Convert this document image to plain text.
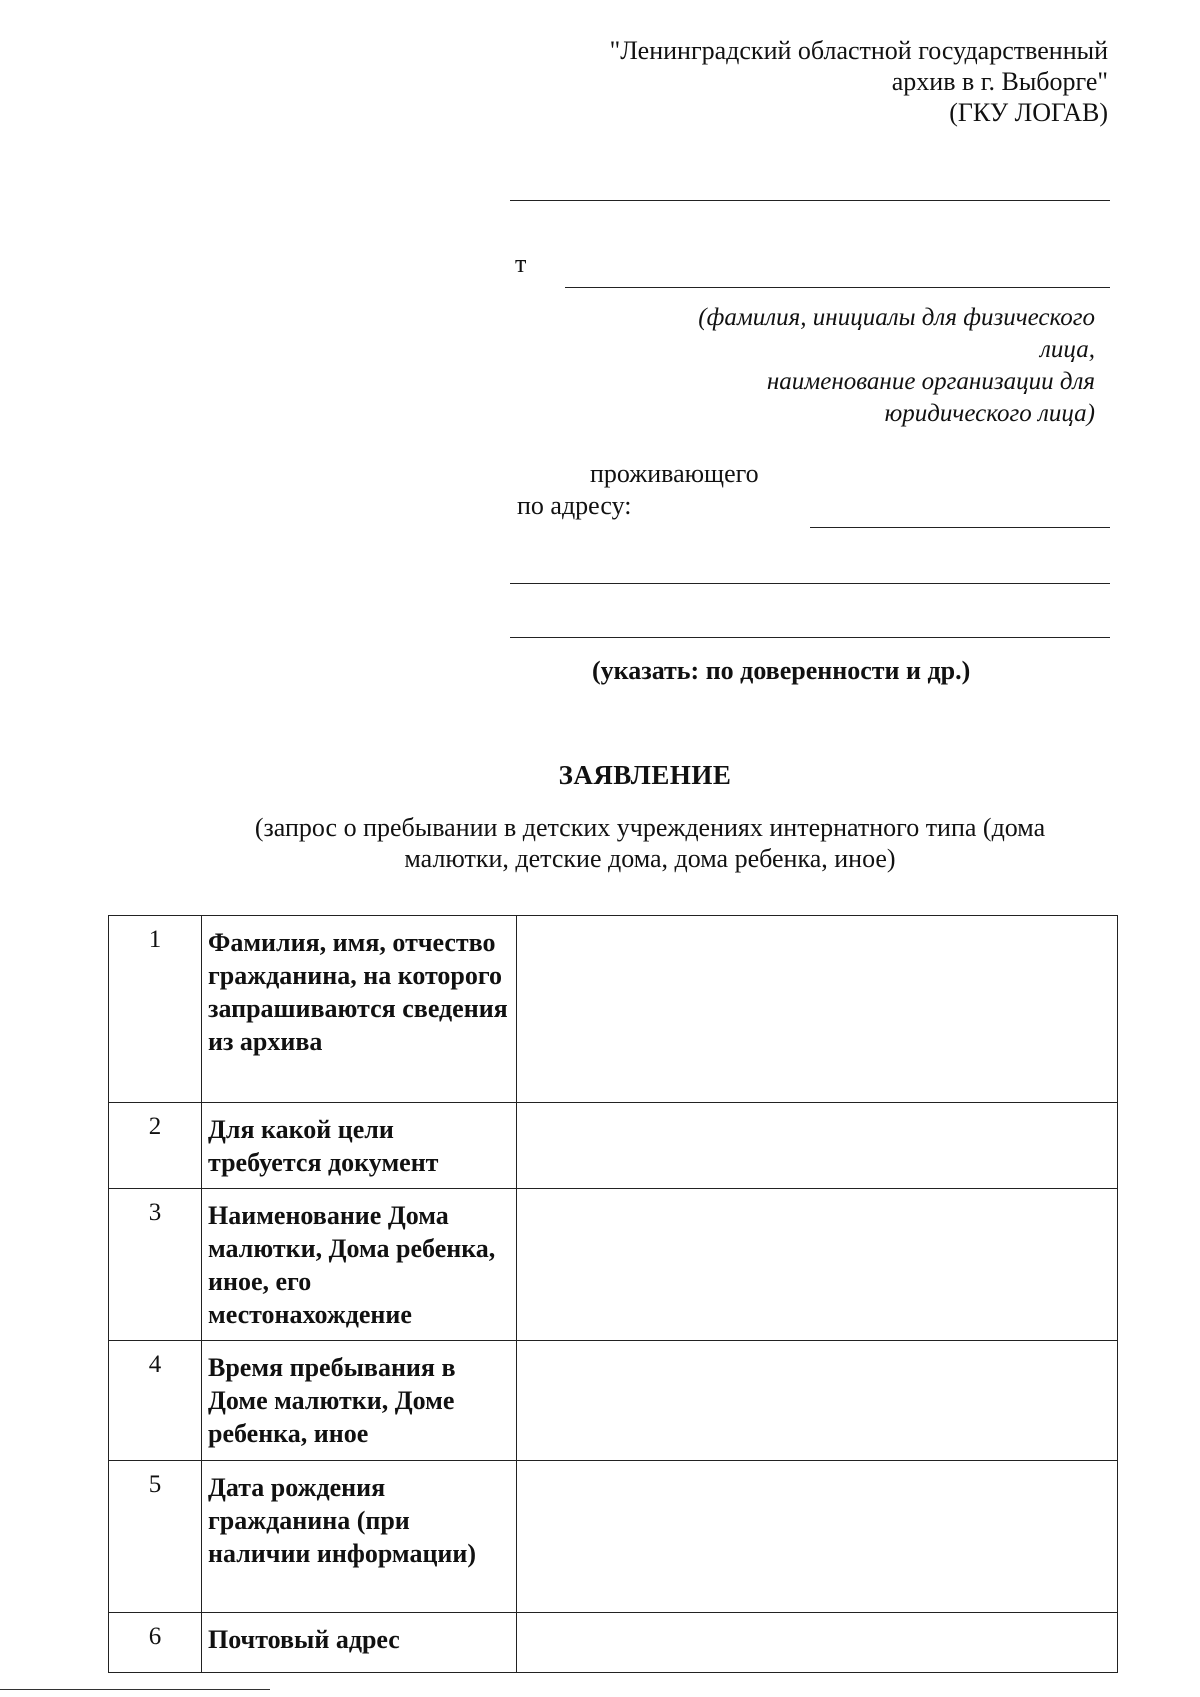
"Ленинградский областной государственный
архив в г. Выборге"
(ГКУ ЛОГАВ)
т
(фамилия, инициалы для физического
лица,
наименование организации для
юридического лица)
проживающего
по адресу:
(указать: по доверенности и др.)
ЗАЯВЛЕНИЕ
(запрос о пребывании в детских учреждениях интернатного типа (дома
малютки, детские дома, дома ребенка, иное)
1	Фамилия, имя, отчество гражданина, на которого запрашиваются сведения из архива	
2	Для какой цели требуется документ	
3	Наименование Дома малютки, Дома ребенка, иное, его местонахождение	
4	Время пребывания в Доме малютки, Доме ребенка, иное	
5	Дата рождения гражданина (при наличии информации)	
6	Почтовый адрес	
